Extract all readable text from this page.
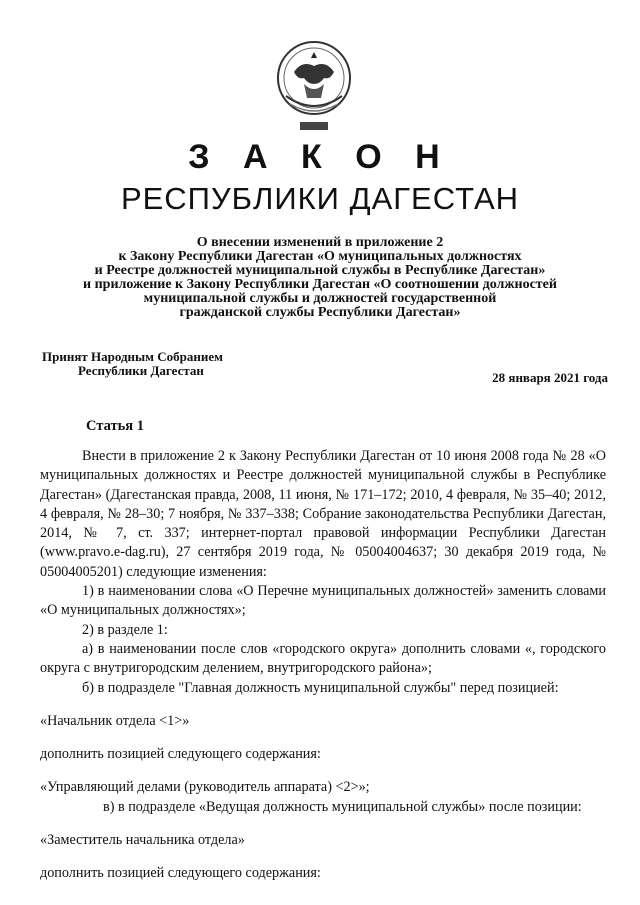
З А К О Н
РЕСПУБЛИКИ ДАГЕСТАН
О внесении изменений в приложение 2
к Закону Республики Дагестан «О муниципальных должностях
и Реестре должностей муниципальной службы в Республике Дагестан»
и приложение к Закону Республики Дагестан «О соотношении должностей
муниципальной службы и должностей государственной
гражданской службы Республики Дагестан»
Принят Народным Собранием
Республики Дагестан	28 января 2021 года
Статья 1

Внести в приложение 2 к Закону Республики Дагестан от 10 июня 2008 года № 28 «О муниципальных должностях и Реестре должностей муниципальной службы в Республике Дагестан» (Дагестанская правда, 2008, 11 июня, № 171–172; 2010, 4 февраля, № 35–40; 2012, 4 февраля, № 28–30; 7 ноября, № 337–338; Собрание законодательства Республики Дагестан, 2014, № 7, ст. 337; интернет-портал правовой информации Республики Дагестан (www.pravo.e-dag.ru), 27 сентября 2019 года, № 05004004637; 30 декабря 2019 года, № 05004005201) следующие изменения:

1) в наименовании слова «О Перечне муниципальных должностей» заменить словами «О муниципальных должностях»;

2) в разделе 1:

а) в наименовании после слов «городского округа» дополнить словами «, городского округа с внутригородским делением, внутригородского района»;

б) в подразделе "Главная должность муниципальной службы" перед позицией:

«Начальник отдела <1>»

дополнить позицией следующего содержания:

«Управляющий делами (руководитель аппарата) <2>»;

в) в подразделе «Ведущая должность муниципальной службы» после позиции:

«Заместитель начальника отдела»

дополнить позицией следующего содержания:
